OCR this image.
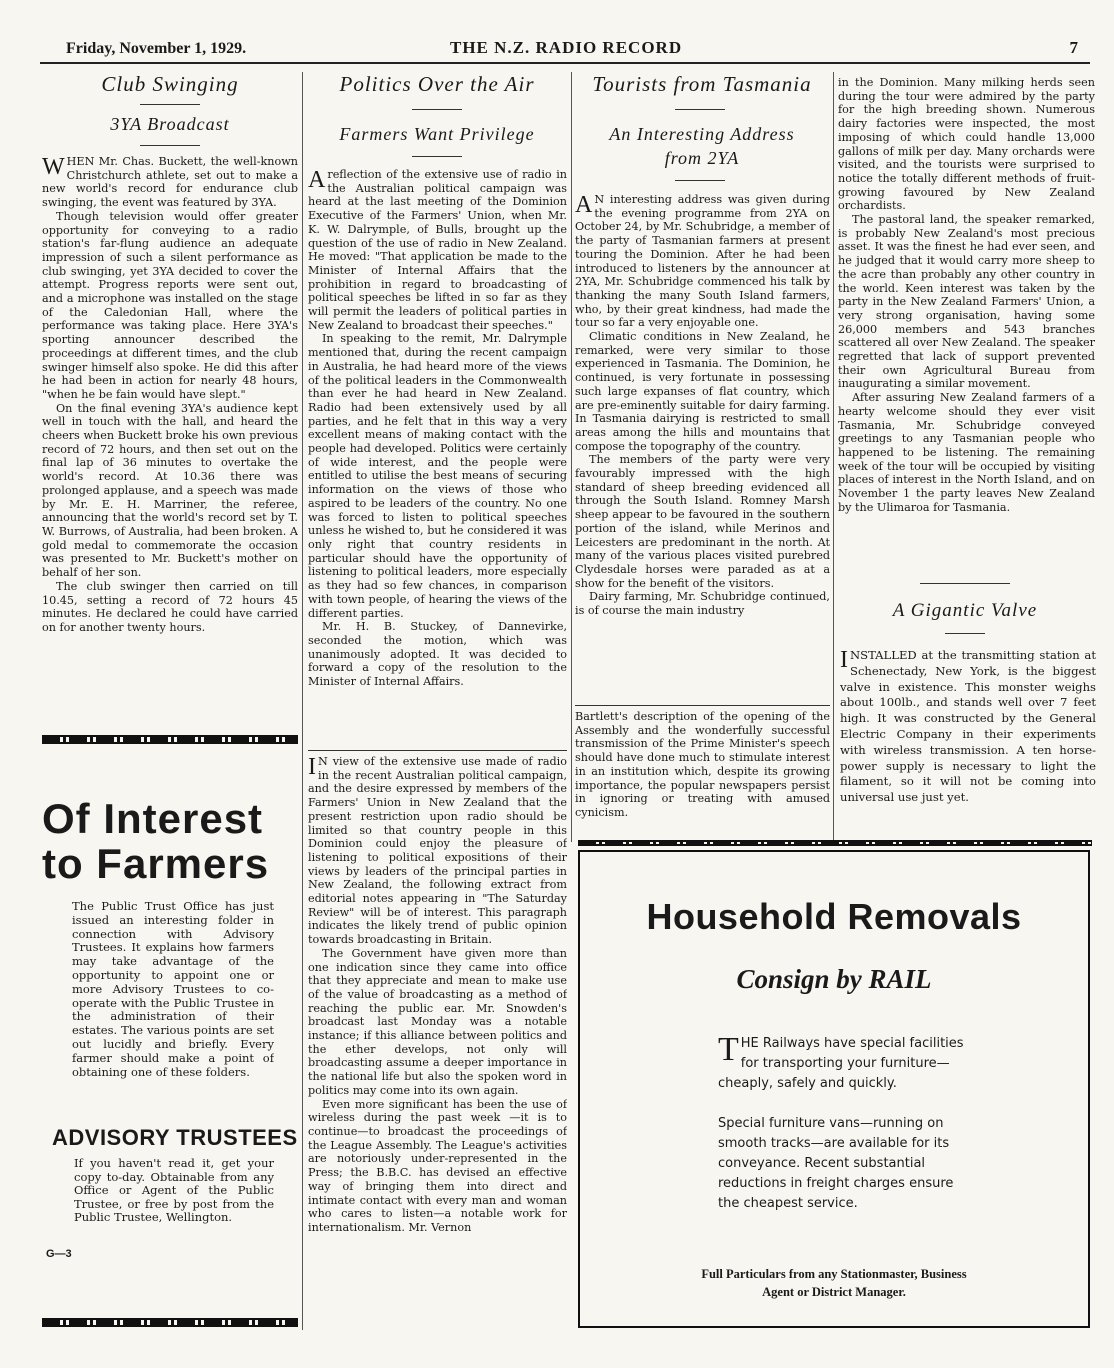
Friday, November 1, 1929.	THE N.Z. RADIO RECORD	7
Club Swinging
3YA Broadcast

WHEN Mr. Chas. Buckett, the well-known Christchurch athlete, set out to make a new world's record for endurance club swinging, the event was featured by 3YA.

Though television would offer greater opportunity for conveying to a radio station's far-flung audience an adequate impression of such a silent performance as club swinging, yet 3YA decided to cover the attempt. Progress reports were sent out, and a microphone was installed on the stage of the Caledonian Hall, where the performance was taking place. Here 3YA's sporting announcer described the proceedings at different times, and the club swinger himself also spoke. He did this after he had been in action for nearly 48 hours, "when he be fain would have slept."

On the final evening 3YA's audience kept well in touch with the hall, and heard the cheers when Buckett broke his own previous record of 72 hours, and then set out on the final lap of 36 minutes to overtake the world's record. At 10.36 there was prolonged applause, and a speech was made by Mr. E. H. Marriner, the referee, announcing that the world's record set by T. W. Burrows, of Australia, had been broken. A gold medal to commemorate the occasion was presented to Mr. Buckett's mother on behalf of her son.

The club swinger then carried on till 10.45, setting a record of 72 hours 45 minutes. He declared he could have carried on for another twenty hours.

Of Interest
to Farmers

The Public Trust Office has just issued an interesting folder in connection with Advisory Trustees. It explains how farmers may take advantage of the opportunity to appoint one or more Advisory Trustees to co-operate with the Public Trustee in the administration of their estates. The various points are set out lucidly and briefly. Every farmer should make a point of obtaining one of these folders.

ADVISORY TRUSTEES

If you haven't read it, get your copy to-day. Obtainable from any Office or Agent of the Public Trustee, or free by post from the Public Trustee, Wellington.

G—3
Politics Over the Air
Farmers Want Privilege

Areflection of the extensive use of radio in the Australian political campaign was heard at the last meeting of the Dominion Executive of the Farmers' Union, when Mr. K. W. Dalrymple, of Bulls, brought up the question of the use of radio in New Zealand. He moved: "That application be made to the Minister of Internal Affairs that the prohibition in regard to broadcasting of political speeches be lifted in so far as they will permit the leaders of political parties in New Zealand to broadcast their speeches."

In speaking to the remit, Mr. Dalrymple mentioned that, during the recent campaign in Australia, he had heard more of the views of the political leaders in the Commonwealth than ever he had heard in New Zealand. Radio had been extensively used by all parties, and he felt that in this way a very excellent means of making contact with the people had developed. Politics were certainly of wide interest, and the people were entitled to utilise the best means of securing information on the views of those who aspired to be leaders of the country. No one was forced to listen to political speeches unless he wished to, but he considered it was only right that country residents in particular should have the opportunity of listening to political leaders, more especially as they had so few chances, in comparison with town people, of hearing the views of the different parties.

Mr. H. B. Stuckey, of Dannevirke, seconded the motion, which was unanimously adopted. It was decided to forward a copy of the resolution to the Minister of Internal Affairs.

I N view of the extensive use made of radio in the recent Australian political campaign, and the desire expressed by members of the Farmers' Union in New Zealand that the present restriction upon radio should be limited so that country people in this Dominion could enjoy the pleasure of listening to political expositions of their views by leaders of the principal parties in New Zealand, the following extract from editorial notes appearing in "The Saturday Review" will be of interest. This paragraph indicates the likely trend of public opinion towards broadcasting in Britain.

The Government have given more than one indication since they came into office that they appreciate and mean to make use of the value of broadcasting as a method of reaching the public ear. Mr. Snowden's broadcast last Monday was a notable instance; if this alliance between politics and the ether develops, not only will broadcasting assume a deeper importance in the national life but also the spoken word in politics may come into its own again.

Even more significant has been the use of wireless during the past week —it is to continue—to broadcast the proceedings of the League Assembly. The League's activities are notoriously under-represented in the Press; the B.B.C. has devised an effective way of bringing them into direct and intimate contact with every man and woman who cares to listen—a notable work for internationalism. Mr. Vernon

Tourists from Tasmania
An Interesting Address
from 2YA

A N interesting address was given during the evening programme from 2YA on October 24, by Mr. Schubridge, a member of the party of Tasmanian farmers at present touring the Dominion. After he had been introduced to listeners by the announcer at 2YA, Mr. Schubridge commenced his talk by thanking the many South Island farmers, who, by their great kindness, had made the tour so far a very enjoyable one.

Climatic conditions in New Zealand, he remarked, were very similar to those experienced in Tasmania. The Dominion, he continued, is very fortunate in possessing such large expanses of flat country, which are pre-eminently suitable for dairy farming. In Tasmania dairying is restricted to small areas among the hills and mountains that compose the topography of the country.

The members of the party were very favourably impressed with the high standard of sheep breeding evidenced all through the South Island. Romney Marsh sheep appear to be favoured in the southern portion of the island, while Merinos and Leicesters are predominant in the north. At many of the various places visited purebred Clydesdale horses were paraded as at a show for the benefit of the visitors.

Dairy farming, Mr. Schubridge continued, is of course the main industry

Bartlett's description of the opening of the Assembly and the wonderfully successful transmission of the Prime Minister's speech should have done much to stimulate interest in an institution which, despite its growing importance, the popular newspapers persist in ignoring or treating with amused cynicism.

in the Dominion. Many milking herds seen during the tour were admired by the party for the high breeding shown. Numerous dairy factories were inspected, the most imposing of which could handle 13,000 gallons of milk per day. Many orchards were visited, and the tourists were surprised to notice the totally different methods of fruit-growing favoured by New Zealand orchardists.

The pastoral land, the speaker remarked, is probably New Zealand's most precious asset. It was the finest he had ever seen, and he judged that it would carry more sheep to the acre than probably any other country in the world. Keen interest was taken by the party in the New Zealand Farmers' Union, a very strong organisation, having some 26,000 members and 543 branches scattered all over New Zealand. The speaker regretted that lack of support prevented their own Agricultural Bureau from inaugurating a similar movement.

After assuring New Zealand farmers of a hearty welcome should they ever visit Tasmania, Mr. Schubridge conveyed greetings to any Tasmanian people who happened to be listening. The remaining week of the tour will be occupied by visiting places of interest in the North Island, and on November 1 the party leaves New Zealand by the Ulimaroa for Tasmania.

A Gigantic Valve

INSTALLED at the transmitting station at Schenectady, New York, is the biggest valve in existence. This monster weighs about 100lb., and stands well over 7 feet high. It was constructed by the General Electric Company in their experiments with wireless transmission. A ten horse-power supply is necessary to light the filament, so it will not be coming into universal use just yet.

Household Removals
Consign by RAIL

THE Railways have special facilities for transporting your furniture—cheaply, safely and quickly.

Special furniture vans—running on smooth tracks—are available for its conveyance. Recent substantial reductions in freight charges ensure the cheapest service.

Full Particulars from any Stationmaster, Business
Agent or District Manager.
